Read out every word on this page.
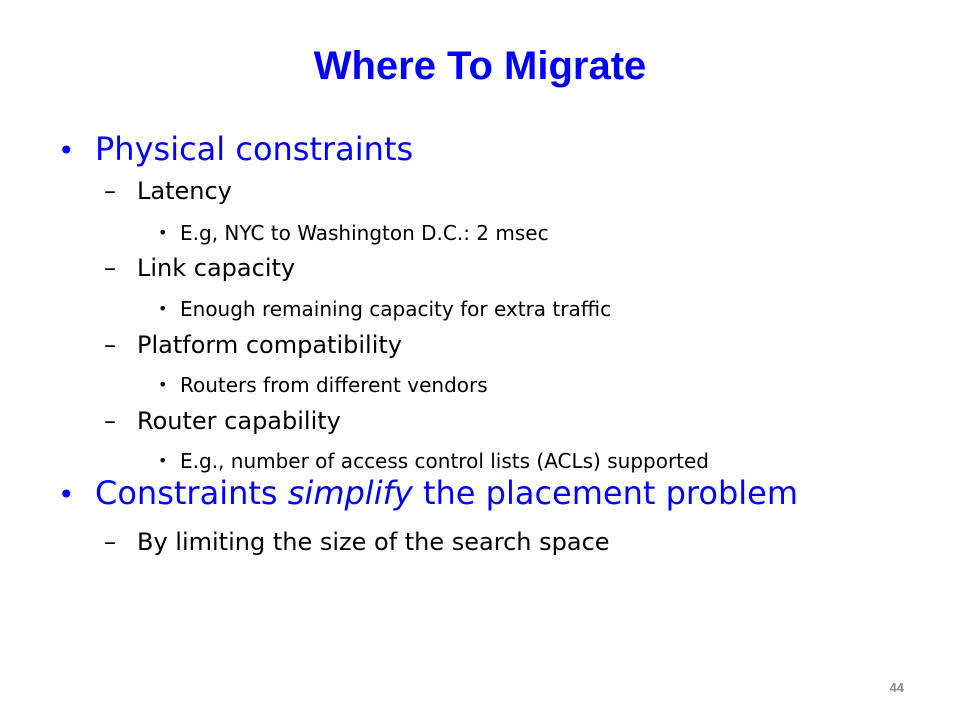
Where To Migrate
• Physical constraints
– Latency
• E.g, NYC to Washington D.C.: 2 msec
– Link capacity
• Enough remaining capacity for extra traffic
– Platform compatibility
• Routers from different vendors
– Router capability
• E.g., number of access control lists (ACLs) supported
• Constraints simplify the placement problem
– By limiting the size of the search space
44
